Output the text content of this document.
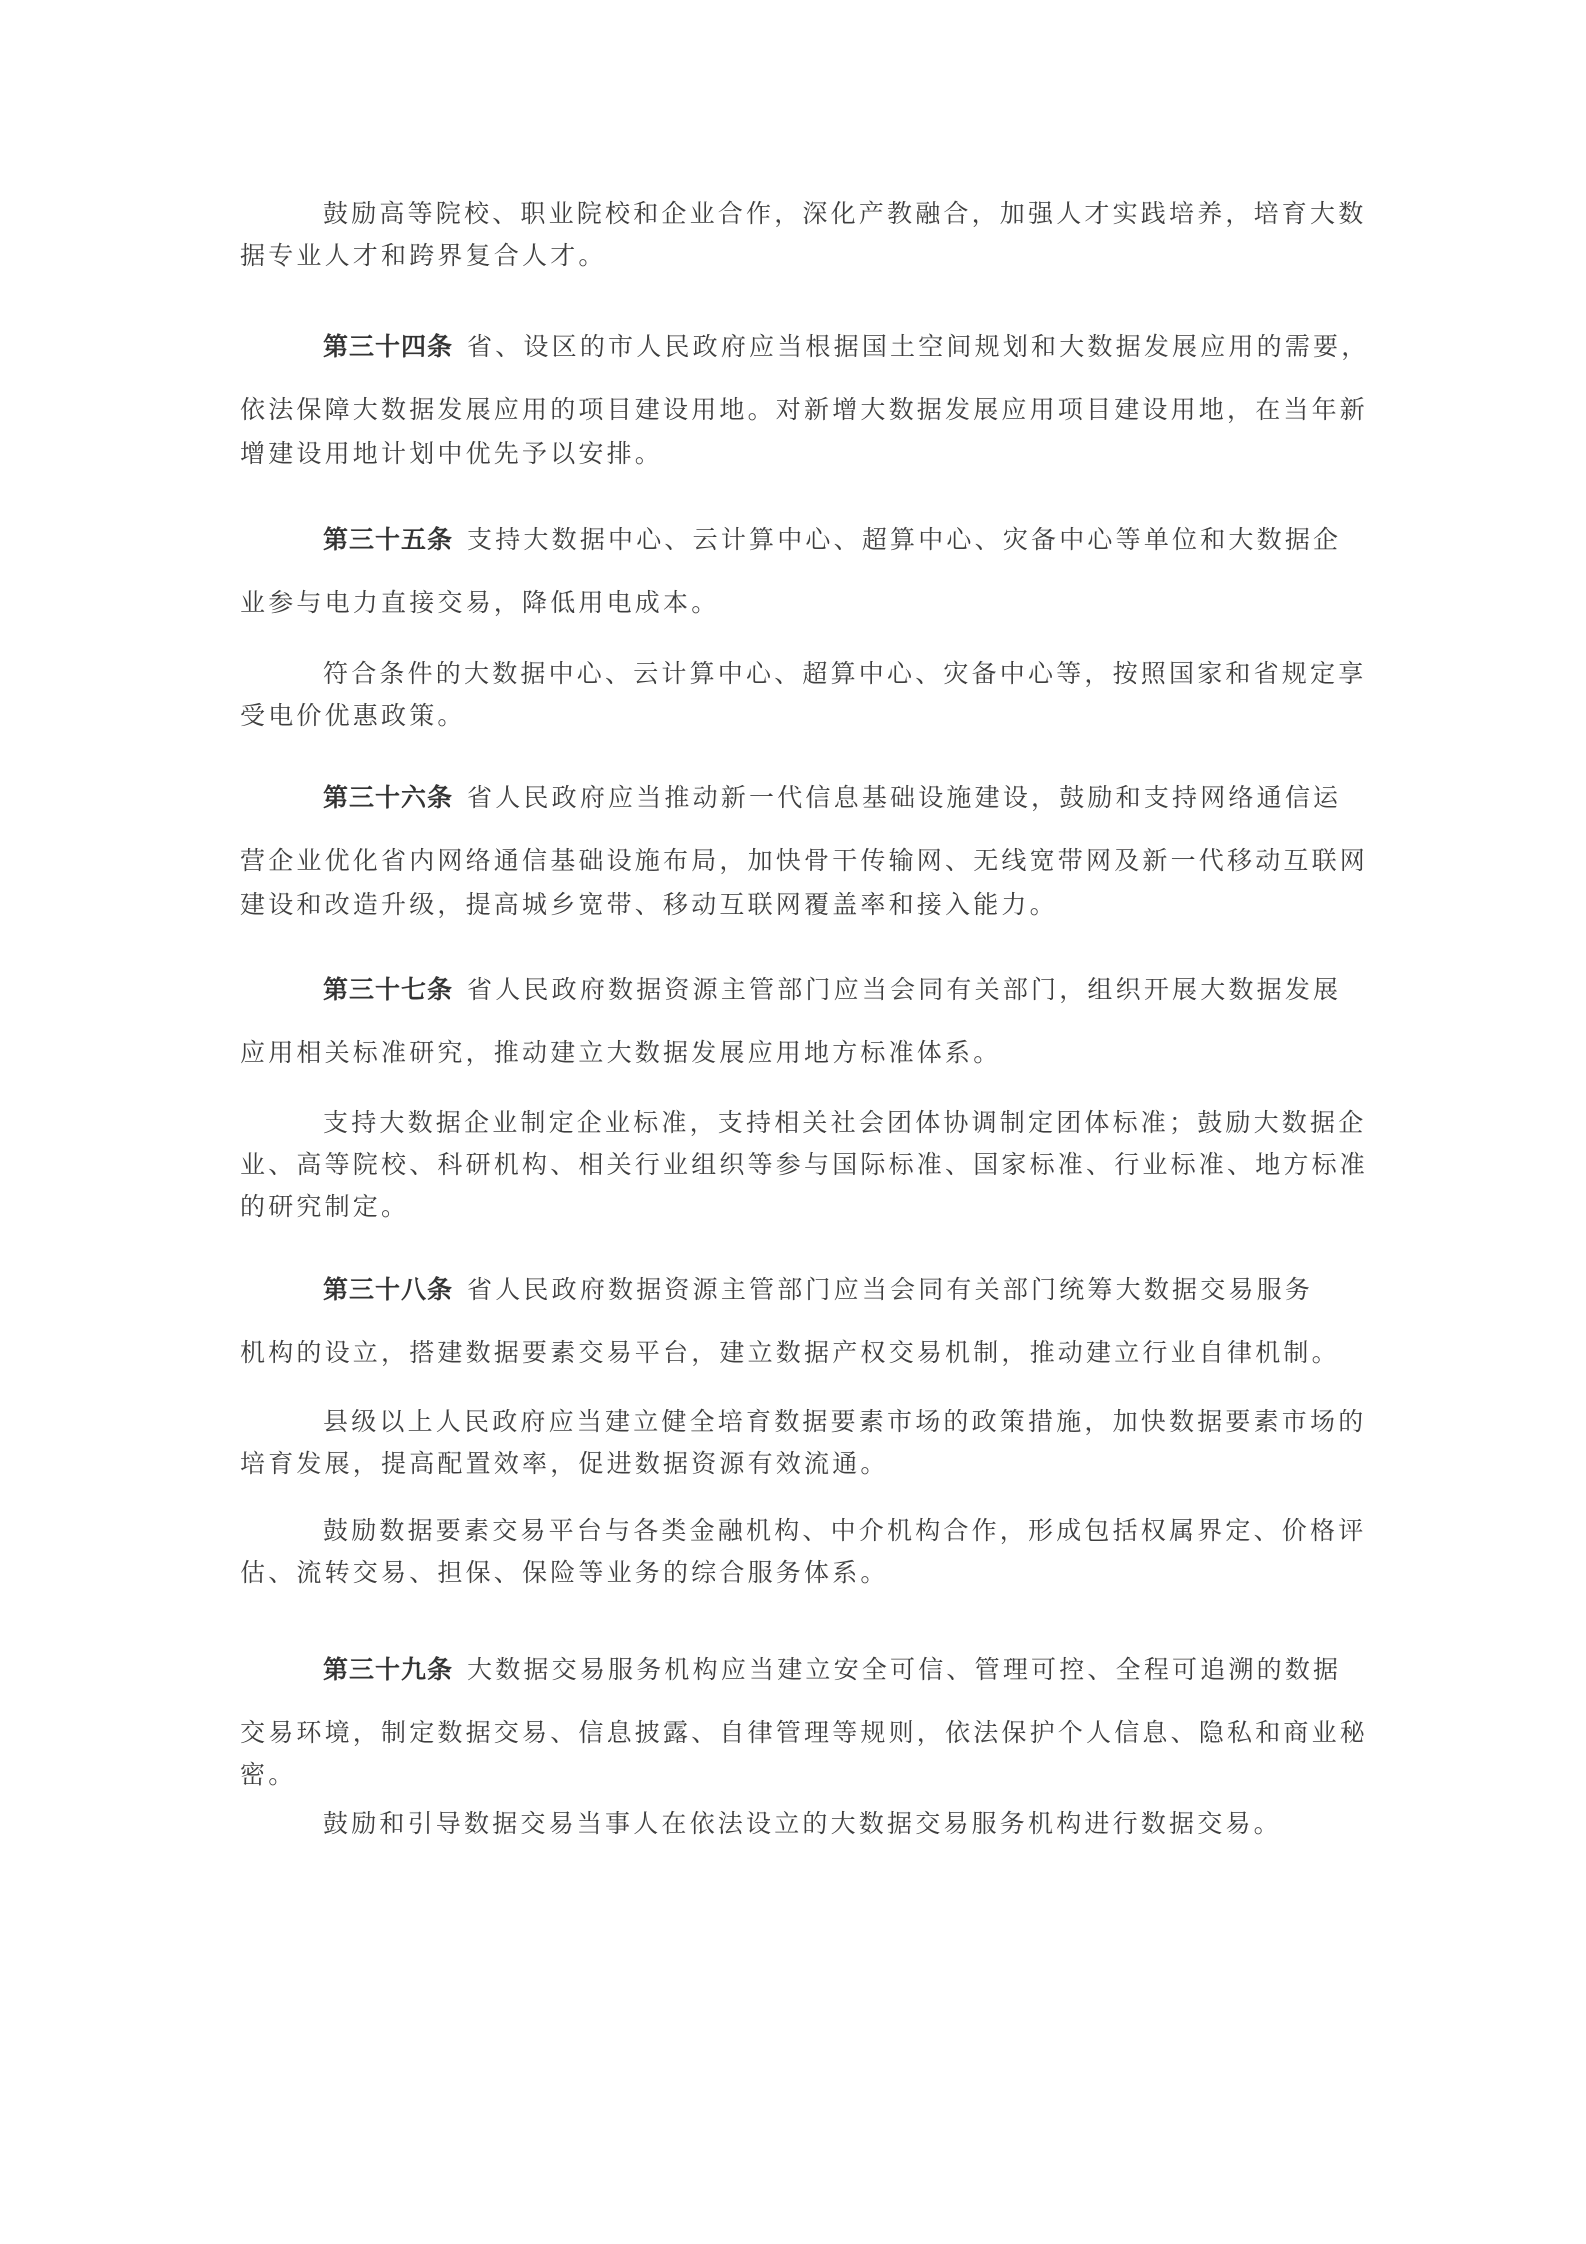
鼓励高等院校、职业院校和企业合作，深化产教融合，加强人才实践培养，培育大数
据专业人才和跨界复合人才。
第三十四条 省、设区的市人民政府应当根据国土空间规划和大数据发展应用的需要，
依法保障大数据发展应用的项目建设用地。对新增大数据发展应用项目建设用地，在当年新
增建设用地计划中优先予以安排。
第三十五条 支持大数据中心、云计算中心、超算中心、灾备中心等单位和大数据企
业参与电力直接交易，降低用电成本。
符合条件的大数据中心、云计算中心、超算中心、灾备中心等，按照国家和省规定享
受电价优惠政策。
第三十六条 省人民政府应当推动新一代信息基础设施建设，鼓励和支持网络通信运
营企业优化省内网络通信基础设施布局，加快骨干传输网、无线宽带网及新一代移动互联网
建设和改造升级，提高城乡宽带、移动互联网覆盖率和接入能力。
第三十七条 省人民政府数据资源主管部门应当会同有关部门，组织开展大数据发展
应用相关标准研究，推动建立大数据发展应用地方标准体系。
支持大数据企业制定企业标准，支持相关社会团体协调制定团体标准；鼓励大数据企
业、高等院校、科研机构、相关行业组织等参与国际标准、国家标准、行业标准、地方标准
的研究制定。
第三十八条 省人民政府数据资源主管部门应当会同有关部门统筹大数据交易服务
机构的设立，搭建数据要素交易平台，建立数据产权交易机制，推动建立行业自律机制。
县级以上人民政府应当建立健全培育数据要素市场的政策措施，加快数据要素市场的
培育发展，提高配置效率，促进数据资源有效流通。
鼓励数据要素交易平台与各类金融机构、中介机构合作，形成包括权属界定、价格评
估、流转交易、担保、保险等业务的综合服务体系。
第三十九条 大数据交易服务机构应当建立安全可信、管理可控、全程可追溯的数据
交易环境，制定数据交易、信息披露、自律管理等规则，依法保护个人信息、隐私和商业秘
密。
鼓励和引导数据交易当事人在依法设立的大数据交易服务机构进行数据交易。
